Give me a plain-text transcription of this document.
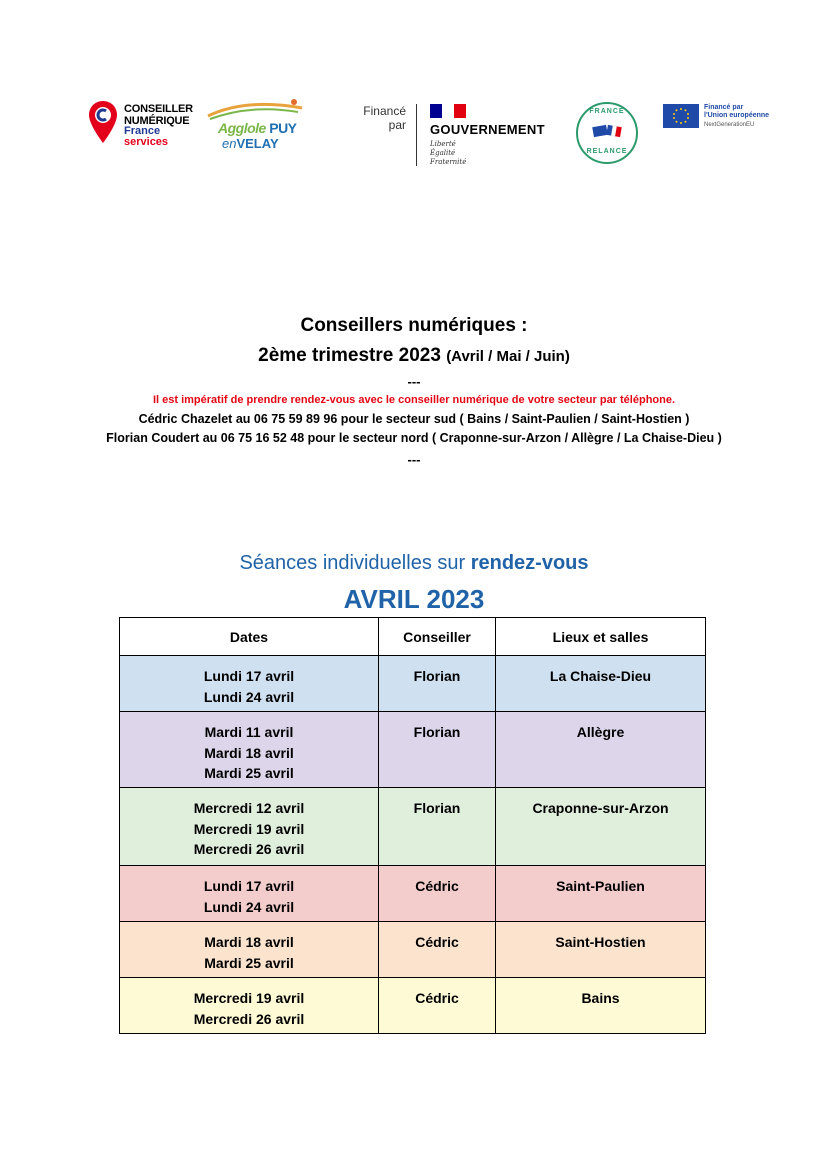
CONSEILLER
NUMÉRIQUE
France
services
Agglole PUY
enVELAY
Financé
par GOUVERNEMENT
Liberté
Égalité
Fraternité
FRANCE
RELANCE
Financé par
l'Union européenne
NextGenerationEU
Conseillers numériques :
2ème trimestre 2023 (Avril / Mai / Juin)
---
Il est impératif de prendre rendez-vous avec le conseiller numérique de votre secteur par téléphone.
Cédric Chazelet au 06 75 59 89 96 pour le secteur sud ( Bains / Saint-Paulien / Saint-Hostien )
Florian Coudert au 06 75 16 52 48 pour le secteur nord ( Craponne-sur-Arzon / Allègre / La Chaise-Dieu )
---
Séances individuelles sur rendez-vous
AVRIL 2023
Dates	Conseiller	Lieux et salles

Lundi 17 avril
Lundi 24 avril	Florian	La Chaise-Dieu

Mardi 11 avril
Mardi 18 avril
Mardi 25 avril	Florian	Allègre

Mercredi 12 avril
Mercredi 19 avril
Mercredi 26 avril	Florian	Craponne-sur-Arzon

Lundi 17 avril
Lundi 24 avril	Cédric	Saint-Paulien

Mardi 18 avril
Mardi 25 avril	Cédric	Saint-Hostien

Mercredi 19 avril
Mercredi 26 avril	Cédric	Bains
